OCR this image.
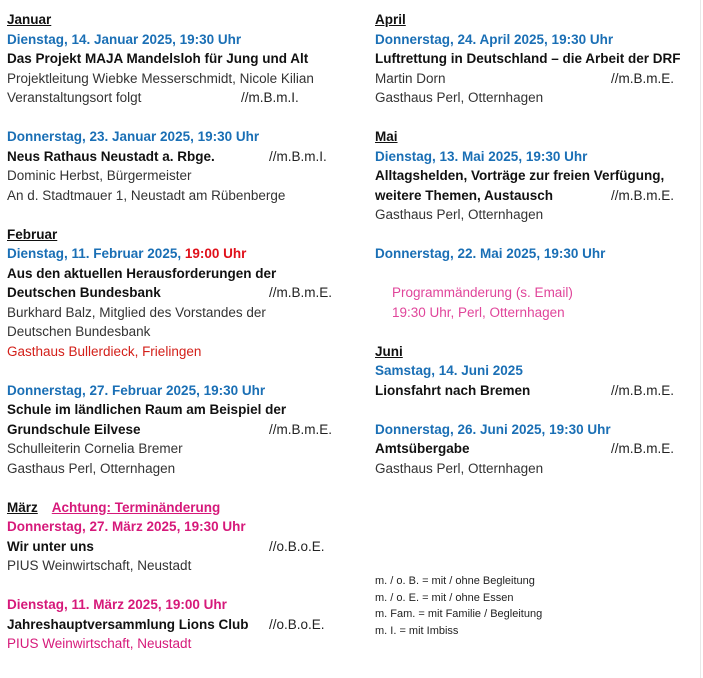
Januar
Dienstag, 14. Januar 2025, 19:30 Uhr
Das Projekt MAJA Mandelsloh für Jung und Alt
Projektleitung Wiebke Messerschmidt, Nicole Kilian
Veranstaltungsort folgt	//m.B.m.I.
Donnerstag, 23. Januar 2025, 19:30 Uhr
Neus Rathaus Neustadt a. Rbge.	//m.B.m.I.
Dominic Herbst, Bürgermeister
An d. Stadtmauer 1, Neustadt am Rübenberge
Februar
Dienstag, 11. Februar 2025, 19:00 Uhr
Aus den aktuellen Herausforderungen der
Deutschen Bundesbank	//m.B.m.E.
Burkhard Balz, Mitglied des Vorstandes der
Deutschen Bundesbank
Gasthaus Bullerdieck, Frielingen
Donnerstag, 27. Februar 2025, 19:30 Uhr
Schule im ländlichen Raum am Beispiel der
Grundschule Eilvese	//m.B.m.E.
Schulleiterin Cornelia Bremer
Gasthaus Perl, Otternhagen
März Achtung: Terminänderung
Donnerstag, 27. März 2025, 19:30 Uhr
Wir unter uns	//o.B.o.E.
PIUS Weinwirtschaft, Neustadt
Dienstag, 11. März 2025, 19:00 Uhr
Jahreshauptversammlung Lions Club //o.B.o.E.
PIUS Weinwirtschaft, Neustadt
April
Donnerstag, 24. April 2025, 19:30 Uhr
Luftrettung in Deutschland – die Arbeit der DRF
Martin Dorn	//m.B.m.E.
Gasthaus Perl, Otternhagen
Mai
Dienstag, 13. Mai 2025, 19:30 Uhr
Alltagshelden, Vorträge zur freien Verfügung,
weitere Themen, Austausch	//m.B.m.E.
Gasthaus Perl, Otternhagen
Donnerstag, 22. Mai 2025, 19:30 Uhr
Programmänderung (s. Email)
19:30 Uhr, Perl, Otternhagen
Juni
Samstag, 14. Juni 2025
Lionsfahrt nach Bremen	//m.B.m.E.
Donnerstag, 26. Juni 2025, 19:30 Uhr
Amtsübergabe	//m.B.m.E.
Gasthaus Perl, Otternhagen
m. / o. B. = mit / ohne Begleitung
m. / o. E. = mit / ohne Essen
m. Fam. = mit Familie / Begleitung
m. I. = mit Imbiss
